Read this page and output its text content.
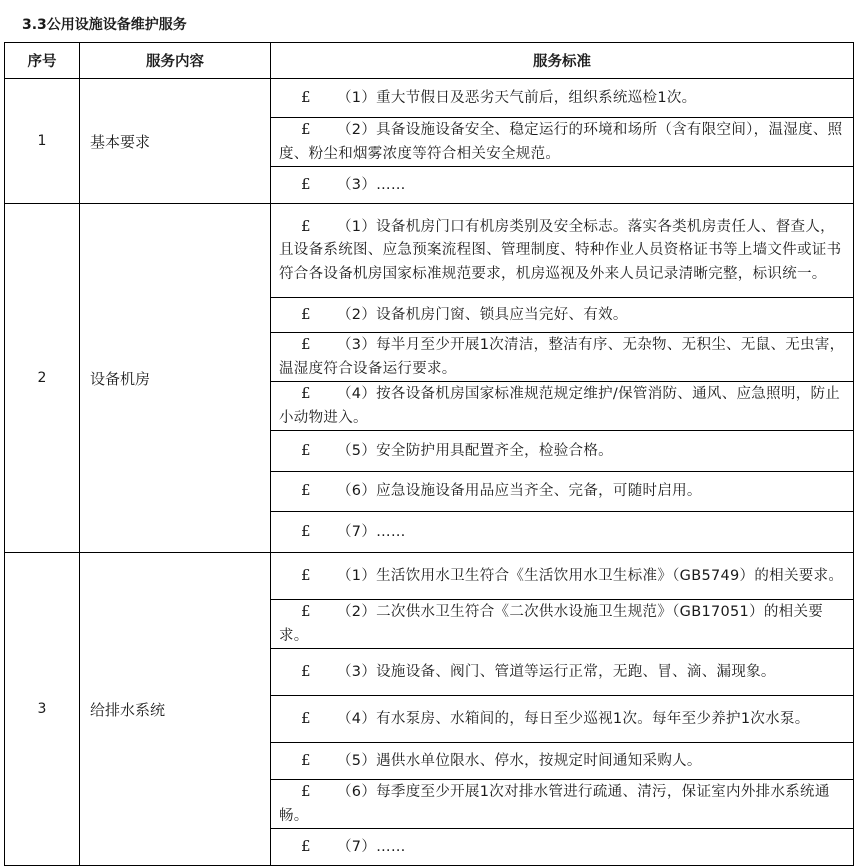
3.3公用设施设备维护服务
序号	服务内容	服务标准
1	基本要求	£ （1）重大节假日及恶劣天气前后，组织系统巡检1次。

		£ （2）具备设施设备安全、稳定运行的环境和场所（含有限空间），温湿度、照度、粉尘和烟雾浓度等符合相关安全规范。

		£ （3）……

2	设备机房	£ （1）设备机房门口有机房类别及安全标志。落实各类机房责任人、督查人，且设备系统图、应急预案流程图、管理制度、特种作业人员资格证书等上墙文件或证书符合各设备机房国家标准规范要求，机房巡视及外来人员记录清晰完整，标识统一。

		£ （2）设备机房门窗、锁具应当完好、有效。

		£ （3）每半月至少开展1次清洁，整洁有序、无杂物、无积尘、无鼠、无虫害，温湿度符合设备运行要求。

		£ （4）按各设备机房国家标准规范规定维护/保管消防、通风、应急照明，防止小动物进入。

		£ （5）安全防护用具配置齐全，检验合格。

		£ （6）应急设施设备用品应当齐全、完备，可随时启用。

		£ （7）……

3	给排水系统	£ （1）生活饮用水卫生符合《生活饮用水卫生标准》（GB5749）的相关要求。

		£ （2）二次供水卫生符合《二次供水设施卫生规范》（GB17051）的相关要求。

		£ （3）设施设备、阀门、管道等运行正常，无跑、冒、滴、漏现象。

		£ （4）有水泵房、水箱间的，每日至少巡视1次。每年至少养护1次水泵。

		£ （5）遇供水单位限水、停水，按规定时间通知采购人。

		£ （6）每季度至少开展1次对排水管进行疏通、清污，保证室内外排水系统通畅。

		£ （7）……
